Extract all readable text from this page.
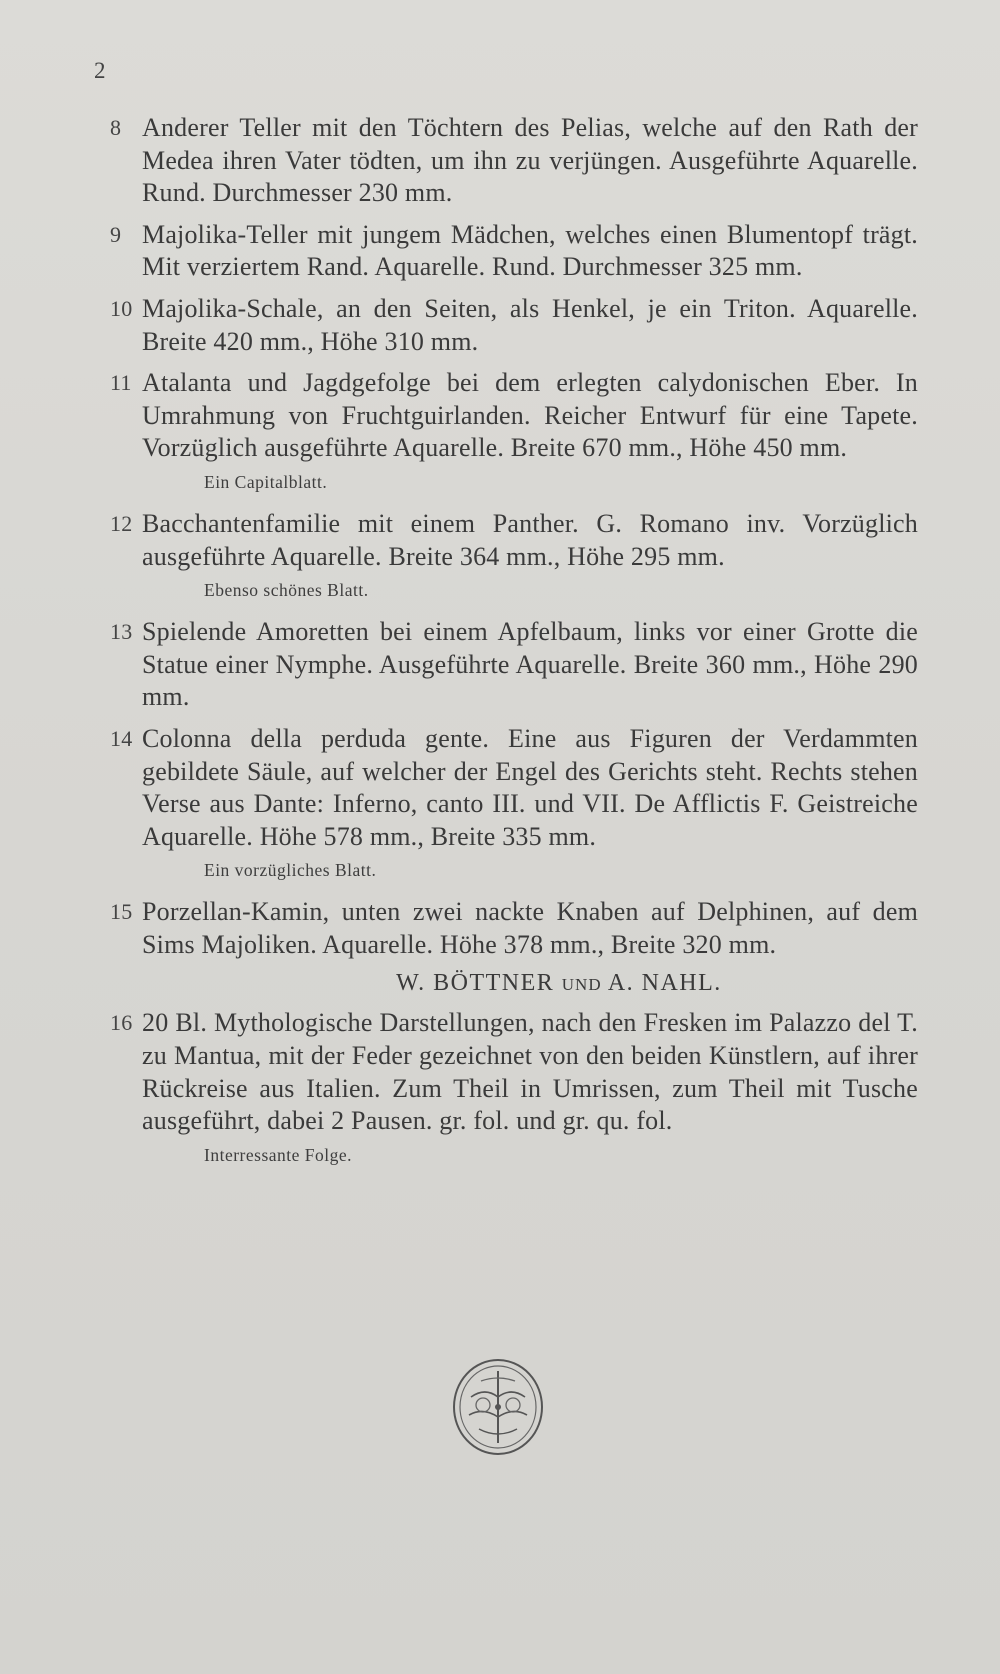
2
8 Anderer Teller mit den Töchtern des Pelias, welche auf den Rath der Medea ihren Vater tödten, um ihn zu verjüngen. Ausgeführte Aquarelle. Rund. Durchmesser 230 mm.
9 Majolika-Teller mit jungem Mädchen, welches einen Blumentopf trägt. Mit verziertem Rand. Aquarelle. Rund. Durchmesser 325 mm.
10 Majolika-Schale, an den Seiten, als Henkel, je ein Triton. Aquarelle. Breite 420 mm., Höhe 310 mm.
11 Atalanta und Jagdgefolge bei dem erlegten calydonischen Eber. In Umrahmung von Fruchtguirlanden. Reicher Entwurf für eine Tapete. Vorzüglich ausgeführte Aquarelle. Breite 670 mm., Höhe 450 mm.
Ein Capitalblatt.
12 Bacchantenfamilie mit einem Panther. G. Romano inv. Vorzüglich ausgeführte Aquarelle. Breite 364 mm., Höhe 295 mm.
Ebenso schönes Blatt.
13 Spielende Amoretten bei einem Apfelbaum, links vor einer Grotte die Statue einer Nymphe. Ausgeführte Aquarelle. Breite 360 mm., Höhe 290 mm.
14 Colonna della perduda gente. Eine aus Figuren der Verdammten gebildete Säule, auf welcher der Engel des Gerichts steht. Rechts stehen Verse aus Dante: Inferno, canto III. und VII. De Afflictis F. Geistreiche Aquarelle. Höhe 578 mm., Breite 335 mm.
Ein vorzügliches Blatt.
15 Porzellan-Kamin, unten zwei nackte Knaben auf Delphinen, auf dem Sims Majoliken. Aquarelle. Höhe 378 mm., Breite 320 mm.
W. BÖTTNER UND A. NAHL.
16 20 Bl. Mythologische Darstellungen, nach den Fresken im Palazzo del T. zu Mantua, mit der Feder gezeichnet von den beiden Künstlern, auf ihrer Rückreise aus Italien. Zum Theil in Umrissen, zum Theil mit Tusche ausgeführt, dabei 2 Pausen. gr. fol. und gr. qu. fol.
Interressante Folge.
